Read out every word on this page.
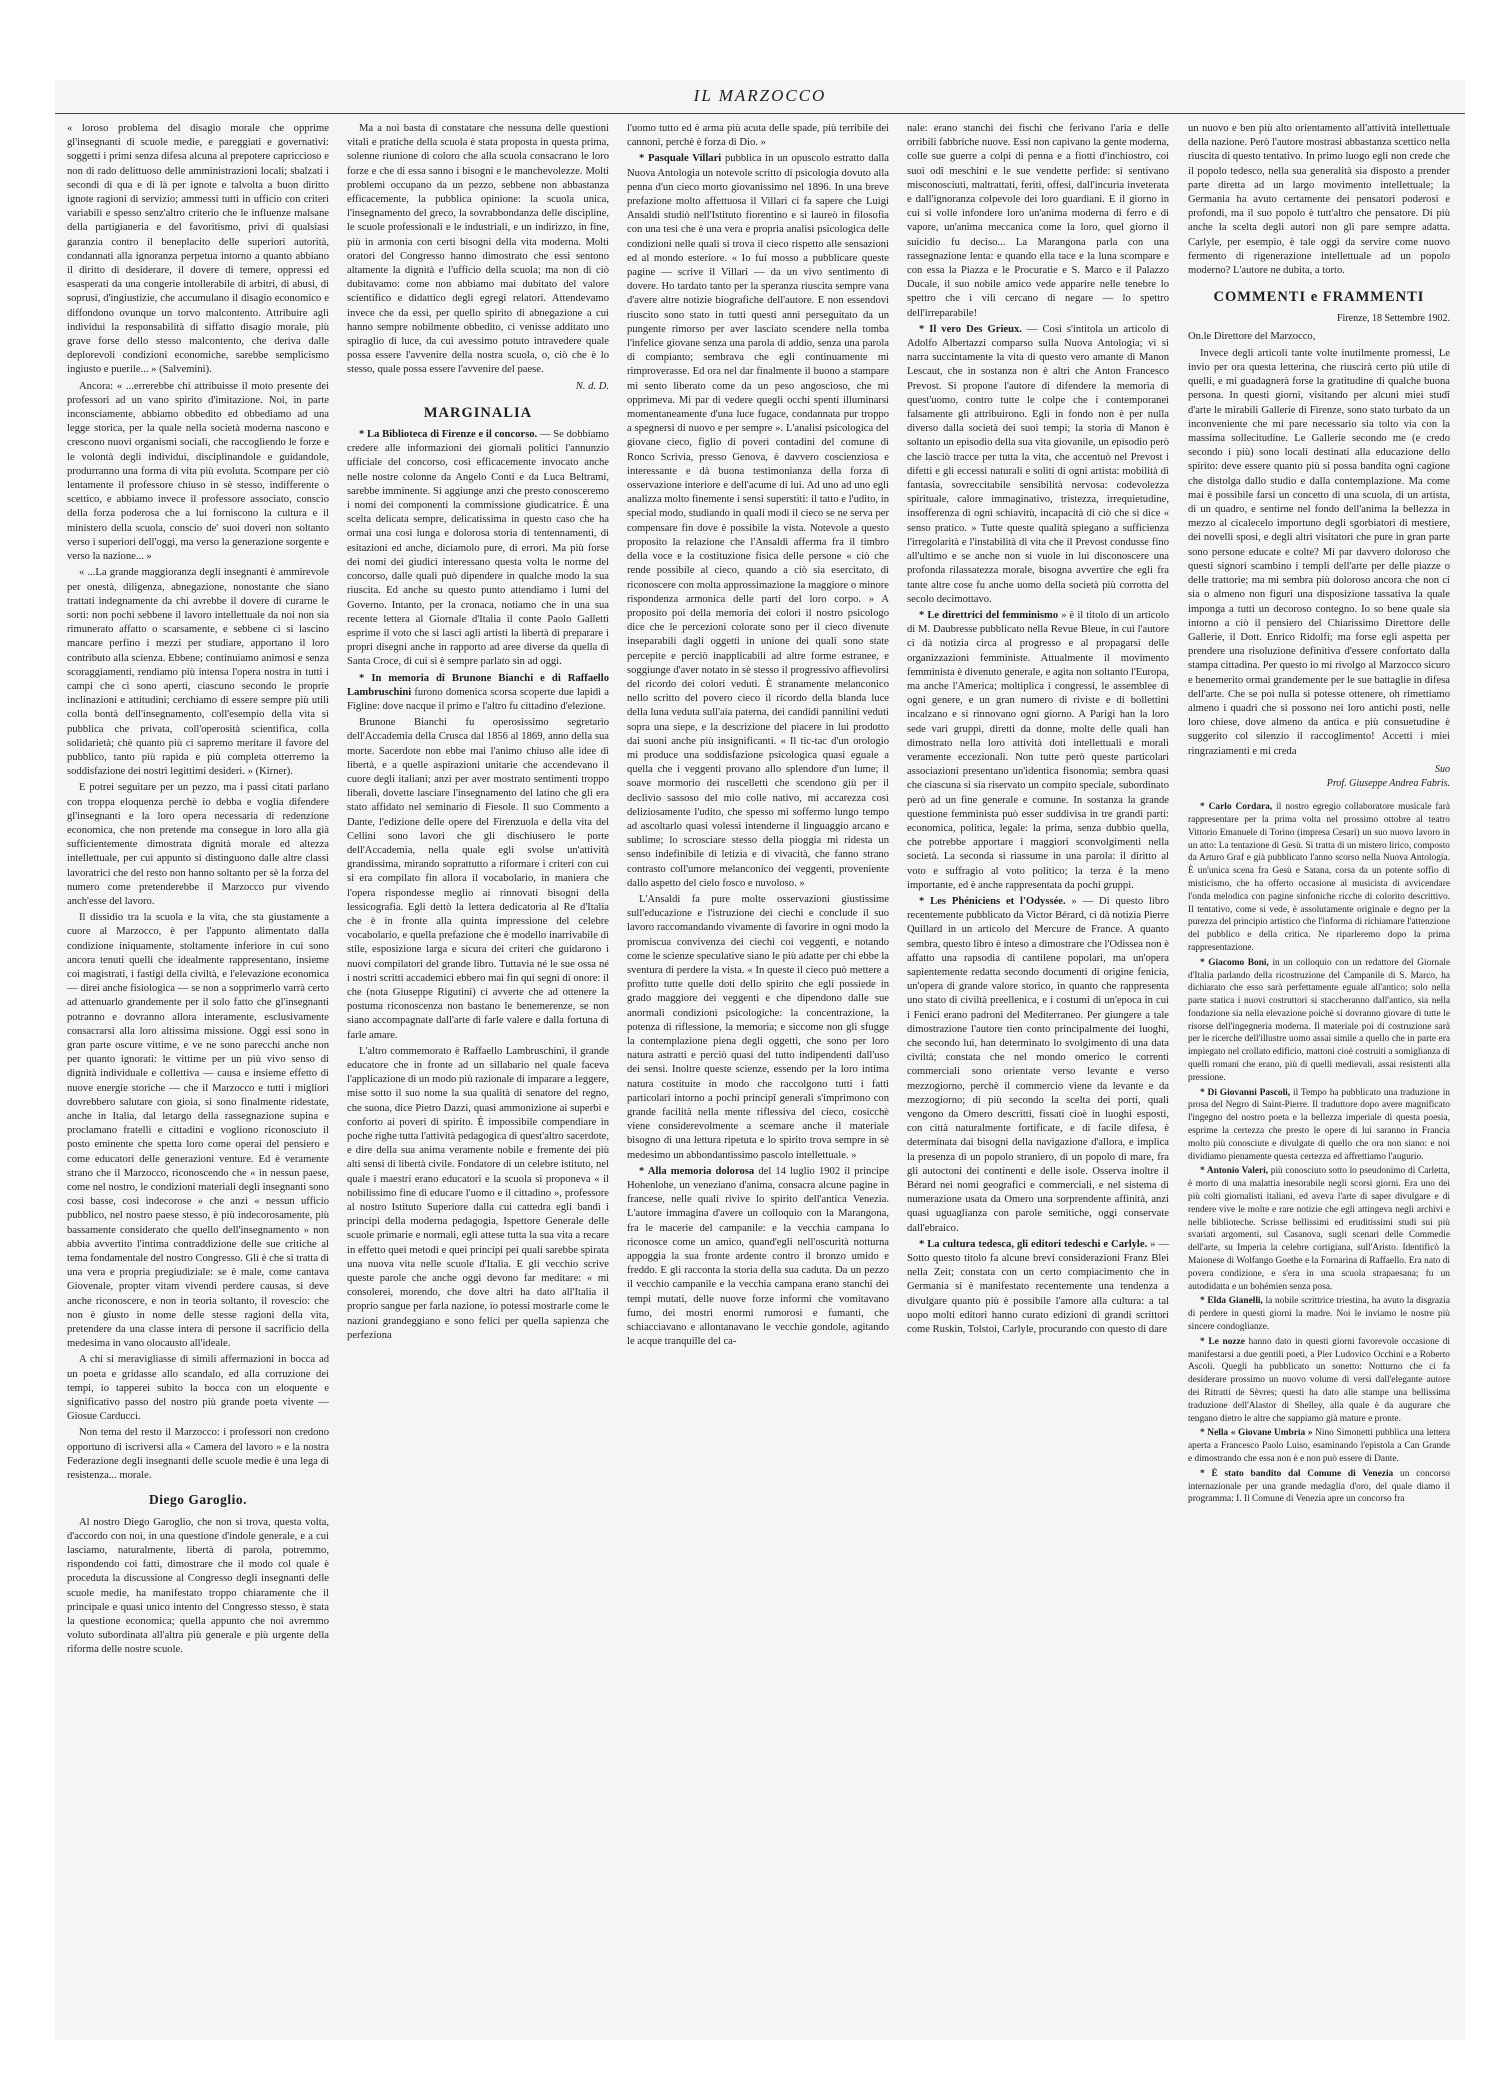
IL MARZOCCO

« loroso problema del disagio morale che opprime gl'insegnanti di scuole medie, e pareggiati e governativi: soggetti i primi senza difesa alcuna al prepotere capriccioso e non di rado delittuoso delle amministrazioni locali; sbalzati i secondi di qua e di là per ignote e talvolta a buon diritto ignote ragioni di servizio; ammessi tutti in ufficio con criteri variabili e spesso senz'altro criterio che le influenze malsane della partigianeria e del favoritismo, privi di qualsiasi garanzia contro il beneplacito delle superiori autorità, condannati alla ignoranza perpetua intorno a quanto abbiano il diritto di desiderare, il dovere di temere, oppressi ed esasperati da una congerie intollerabile di arbitri, di abusi, di soprusi, d'ingiustizie, che accumulano il disagio economico e diffondono ovunque un torvo malcontento. Attribuire agli individui la responsabilità di siffatto disagio morale, più grave forse dello stesso malcontento, che deriva dalle deplorevoli condizioni economiche, sarebbe semplicismo ingiusto e puerile... » (Salvemini).

Ancora: « ...errerebbe chi attribuisse il moto presente dei professori ad un vano spirito d'imitazione. Noi, in parte inconsciamente, abbiamo obbedito ed obbediamo ad una legge storica, per la quale nella società moderna nascono e crescono nuovi organismi sociali, che raccogliendo le forze e le volontà degli individui, disciplinandole e guidandole, produrranno una forma di vita più evoluta. Scompare per ciò lentamente il professore chiuso in sè stesso, indifferente o scettico, e abbiamo invece il professore associato, conscio della forza poderosa che a lui forniscono la cultura e il ministero della scuola, conscio de' suoi doveri non soltanto verso i superiori dell'oggi, ma verso la generazione sorgente e verso la nazione... »

« ...La grande maggioranza degli insegnanti è ammirevole per onestà, diligenza, abnegazione, nonostante che siano trattati indegnamente da chi avrebbe il dovere di curarne le sorti: non pochi sebbene il lavoro intellettuale da noi non sia rimunerato affatto o scarsamente, e sebbene ci si lascino mancare perfino i mezzi per studiare, apportano il loro contributo alla scienza. Ebbene; continuiamo animosi e senza scoraggiamenti, rendiamo più intensa l'opera nostra in tutti i campi che ci sono aperti, ciascuno secondo le proprie inclinazioni e attitudini; cerchiamo di essere sempre più utili colla bontà dell'insegnamento, coll'esempio della vita si pubblica che privata, coll'operosità scientifica, colla solidarietà; chè quanto più ci sapremo meritare il favore del pubblico, tanto più rapida e più completa otterremo la soddisfazione dei nostri legittimi desideri. » (Kirner).

E potrei seguitare per un pezzo, ma i passi citati parlano con troppa eloquenza perchè io debba e voglia difendere gl'insegnanti e la loro opera necessaria di redenzione economica, che non pretende ma consegue in loro alla già sufficientemente dimostrata dignità morale ed altezza intellettuale, per cui appunto si distinguono dalle altre classi lavoratrici che del resto non hanno soltanto per sè la forza del numero come pretenderebbe il Marzocco pur vivendo anch'esse del lavoro.

Il dissidio tra la scuola e la vita, che sta giustamente a cuore al Marzocco, è per l'appunto alimentato dalla condizione iniquamente, stoltamente inferiore in cui sono ancora tenuti quelli che idealmente rappresentano, insieme coi magistrati, i fastigi della civiltà, e l'elevazione economica — direi anche fisiologica — se non a sopprimerlo varrà certo ad attenuarlo grandemente per il solo fatto che gl'insegnanti potranno e dovranno allora interamente, esclusivamente consacrarsi alla loro altissima missione. Oggi essi sono in gran parte oscure vittime, e ve ne sono parecchi anche non per quanto ignorati: le vittime per un più vivo senso di dignità individuale e collettiva — causa e insieme effetto di nuove energie storiche — che il Marzocco e tutti i migliori dovrebbero salutare con gioia, si sono finalmente ridestate, anche in Italia, dal letargo della rassegnazione supina e proclamano fratelli e cittadini e vogliono riconosciuto il posto eminente che spetta loro come operai del pensiero e come educatori delle generazioni venture. Ed è veramente strano che il Marzocco, riconoscendo che « in nessun paese, come nel nostro, le condizioni materiali degli insegnanti sono così basse, così indecorose » che anzi « nessun ufficio pubblico, nel nostro paese stesso, è più indecorosamente, più bassamente considerato che quello dell'insegnamento » non abbia avvertito l'intima contraddizione delle sue critiche al tema fondamentale del nostro Congresso. Gli è che si tratta di una vera e propria pregiudiziale: se è male, come cantava Giovenale, propter vitam vivendi perdere causas, si deve anche riconoscere, e non in teoria soltanto, il rovescio: che non è giusto in nome delle stesse ragioni della vita, pretendere da una classe intera di persone il sacrificio della medesima in vano olocausto all'ideale.

A chi si meravigliasse di simili affermazioni in bocca ad un poeta e gridasse allo scandalo, ed alla corruzione dei tempi, io tapperei subito la bocca con un eloquente e significativo passo del nostro più grande poeta vivente — Giosue Carducci.

Non tema del resto il Marzocco: i professori non credono opportuno di iscriversi alla « Camera del lavoro » e la nostra Federazione degli insegnanti delle scuole medie è una lega di resistenza... morale.

Diego Garoglio.

Al nostro Diego Garoglio, che non si trova, questa volta, d'accordo con noi, in una questione d'indole generale, e a cui lasciamo, naturalmente, libertà di parola, potremmo, rispondendo coi fatti, dimostrare che il modo col quale è proceduta la discussione al Congresso degli insegnanti delle scuole medie, ha manifestato troppo chiaramente che il principale e quasi unico intento del Congresso stesso, è stata la questione economica; quella appunto che noi avremmo voluto subordinata all'altra più generale e più urgente della riforma delle nostre scuole.

Ma a noi basta di constatare che nessuna delle questioni vitali e pratiche della scuola è stata proposta in questa prima, solenne riunione di coloro che alla scuola consacrano le loro forze e che di essa sanno i bisogni e le manchevolezze. Molti problemi occupano da un pezzo, sebbene non abbastanza efficacemente, la pubblica opinione: la scuola unica, l'insegnamento del greco, la sovrabbondanza delle discipline, le scuole professionali e le industriali, e un indirizzo, in fine, più in armonia con certi bisogni della vita moderna. Molti oratori del Congresso hanno dimostrato che essi sentono altamente la dignità e l'ufficio della scuola; ma non di ciò dubitavamo: come non abbiamo mai dubitato del valore scientifico e didattico degli egregi relatori. Attendevamo invece che da essi, per quello spirito di abnegazione a cui hanno sempre nobilmente obbedito, ci venisse additato uno spiraglio di luce, da cui avessimo potuto intravedere quale possa essere l'avvenire della nostra scuola, o, ciò che è lo stesso, quale possa essere l'avvenire del paese.

N. d. D.

MARGINALIA

* La Biblioteca di Firenze e il concorso. — Se dobbiamo credere alle informazioni dei giornali politici l'annunzio ufficiale del concorso, così efficacemente invocato anche nelle nostre colonne da Angelo Conti e da Luca Beltrami, sarebbe imminente. Si aggiunge anzi che presto conosceremo i nomi dei componenti la commissione giudicatrice. È una scelta delicata sempre, delicatissima in questo caso che ha ormai una così lunga e dolorosa storia di tentennamenti, di esitazioni ed anche, diciamolo pure, di errori. Ma più forse dei nomi dei giudici interessano questa volta le norme del concorso, dalle quali può dipendere in qualche modo la sua riuscita. Ed anche su questo punto attendiamo i lumi del Governo. Intanto, per la cronaca, notiamo che in una sua recente lettera al Giornale d'Italia il conte Paolo Galletti esprime il voto che si lasci agli artisti la libertà di preparare i propri disegni anche in rapporto ad aree diverse da quella di Santa Croce, di cui si è sempre parlato sin ad oggi.

* In memoria di Brunone Bianchi e di Raffaello Lambruschini furono domenica scorsa scoperte due lapidi a Figline: dove nacque il primo e l'altro fu cittadino d'elezione.

Brunone Bianchi fu operosissimo segretario dell'Accademia della Crusca dal 1856 al 1869, anno della sua morte. Sacerdote non ebbe mai l'animo chiuso alle idee di libertà, e a quelle aspirazioni unitarie che accendevano il cuore degli italiani; anzi per aver mostrato sentimenti troppo liberali, dovette lasciare l'insegnamento del latino che gli era stato affidato nel seminario di Fiesole. Il suo Commento a Dante, l'edizione delle opere del Firenzuola e della vita del Cellini sono lavori che gli dischiusero le porte dell'Accademia, nella quale egli svolse un'attività grandissima, mirando soprattutto a riformare i criteri con cui si era compilato fin allora il vocabolario, in maniera che l'opera rispondesse meglio ai rinnovati bisogni della lessicografia. Egli dettò la lettera dedicatoria al Re d'Italia che è in fronte alla quinta impressione del celebre vocabolario, e quella prefazione che è modello inarrivabile di stile, esposizione larga e sicura dei criteri che guidarono i nuovi compilatori del grande libro. Tuttavia né le sue ossa né i nostri scritti accademici ebbero mai fin qui segni di onore: il che (nota Giuseppe Rigutini) ci avverte che ad ottenere la postuma riconoscenza non bastano le benemerenze, se non siano accompagnate dall'arte di farle valere e dalla fortuna di farle amare.

L'altro commemorato è Raffaello Lambruschini, il grande educatore che in fronte ad un sillabario nel quale faceva l'applicazione di un modo più razionale di imparare a leggere, mise sotto il suo nome la sua qualità di senatore del regno, che suona, dice Pietro Dazzi, quasi ammonizione ai superbi e conforto ai poveri di spirito. È impossibile compendiare in poche righe tutta l'attività pedagogica di quest'altro sacerdote, e dire della sua anima veramente nobile e fremente dei più alti sensi di libertà civile. Fondatore di un celebre istituto, nel quale i maestri erano educatori e la scuola si proponeva « il nobilissimo fine di educare l'uomo e il cittadino », professore al nostro Istituto Superiore dalla cui cattedra egli bandì i principi della moderna pedagogia, Ispettore Generale delle scuole primarie e normali, egli attese tutta la sua vita a recare in effetto quei metodi e quei principi pei quali sarebbe spirata una nuova vita nelle scuole d'Italia. E gli vecchio scrive queste parole che anche oggi devono far meditare: « mi consolerei, morendo, che dove altri ha dato all'Italia il proprio sangue per farla nazione, io potessi mostrarle come le nazioni grandeggiano e sono felici per quella sapienza che perfeziona

l'uomo tutto ed è arma più acuta delle spade, più terribile dei cannoni, perchè è forza di Dio. »

* Pasquale Villari pubblica in un opuscolo estratto dalla Nuova Antologia un notevole scritto di psicologia dovuto alla penna d'un cieco morto giovanissimo nel 1896. In una breve prefazione molto affettuosa il Villari ci fa sapere che Luigi Ansaldi studiò nell'Istituto fiorentino e si laureò in filosofia con una tesi che è una vera e propria analisi psicologica delle condizioni nelle quali si trova il cieco rispetto alle sensazioni ed al mondo esteriore. « Io fui mosso a pubblicare queste pagine — scrive il Villari — da un vivo sentimento di dovere. Ho tardato tanto per la speranza riuscita sempre vana d'avere altre notizie biografiche dell'autore. E non essendovi riuscito sono stato in tutti questi anni perseguitato da un pungente rimorso per aver lasciato scendere nella tomba l'infelice giovane senza una parola di addio, senza una parola di compianto; sembrava che egli continuamente mi rimproverasse. Ed ora nel dar finalmente il buono a stampare mi sento liberato come da un peso angoscioso, che mi opprimeva. Mi par di vedere quegli occhi spenti illuminarsi momentaneamente d'una luce fugace, condannata pur troppo a spegnersi di nuovo e per sempre ». L'analisi psicologica del giovane cieco, figlio di poveri contadini del comune di Ronco Scrivia, presso Genova, è davvero coscienziosa e interessante e dà buona testimonianza della forza di osservazione interiore e dell'acume di lui. Ad uno ad uno egli analizza molto finemente i sensi superstiti: il tatto e l'udito, in special modo, studiando in quali modi il cieco se ne serva per compensare fin dove è possibile la vista. Notevole a questo proposito la relazione che l'Ansaldi afferma fra il timbro della voce e la costituzione fisica delle persone « ciò che rende possibile al cieco, quando a ciò sia esercitato, di riconoscere con molta approssimazione la maggiore o minore rispondenza armonica delle parti del loro corpo. » A proposito poi della memoria dei colori il nostro psicologo dice che le percezioni colorate sono per il cieco divenute inseparabili dagli oggetti in unione dei quali sono state percepite e perciò inapplicabili ad altre forme estranee, e soggiunge d'aver notato in sè stesso il progressivo affievolirsi del ricordo dei colori veduti. È stranamente melanconico nello scritto del povero cieco il ricordo della blanda luce della luna veduta sull'aia paterna, dei candidi pannilini veduti sopra una siepe, e la descrizione del piacere in lui prodotto dai suoni anche più insignificanti. « Il tic-tac d'un orologio mi produce una soddisfazione psicologica quasi eguale a quella che i veggenti provano allo splendore d'un lume; il soave mormorio dei ruscelletti che scendono giù per il declivio sassoso del mio colle nativo, mi accarezza così deliziosamente l'udito, che spesso mi soffermo lungo tempo ad ascoltarlo quasi volessi intenderne il linguaggio arcano e sublime; lo scrosciare stesso della pioggia mi ridesta un senso indefinibile di letizia e di vivacità, che fanno strano contrasto coll'umore melanconico dei veggenti, proveniente dallo aspetto del cielo fosco e nuvoloso. »

L'Ansaldi fa pure molte osservazioni giustissime sull'educazione e l'istruzione dei ciechi e conclude il suo lavoro raccomandando vivamente di favorire in ogni modo la promiscua convivenza dei ciechi coi veggenti, e notando come le scienze speculative siano le più adatte per chi ebbe la sventura di perdere la vista. « In queste il cieco può mettere a profitto tutte quelle doti dello spirito che egli possiede in grado maggiore dei veggenti e che dipendono dalle sue anormali condizioni psicologiche: la concentrazione, la potenza di riflessione, la memoria; e siccome non gli sfugge la contemplazione piena degli oggetti, che sono per loro natura astratti e perciò quasi del tutto indipendenti dall'uso dei sensi. Inoltre queste scienze, essendo per la loro intima natura costituite in modo che raccolgono tutti i fatti particolari intorno a pochi principî generali s'imprimono con grande facilità nella mente riflessiva del cieco, cosicchè viene considerevolmente a scemare anche il materiale bisogno di una lettura ripetuta e lo spirito trova sempre in sè medesimo un abbondantissimo pascolo intellettuale. »

* Alla memoria dolorosa del 14 luglio 1902 il principe Hohenlohe, un veneziano d'anima, consacra alcune pagine in francese, nelle quali rivive lo spirito dell'antica Venezia. L'autore immagina d'avere un colloquio con la Marangona, fra le macerie del campanile: e la vecchia campana lo riconosce come un amico, quand'egli nell'oscurità notturna appoggia la sua fronte ardente contro il bronzo umido e freddo. E gli racconta la storia della sua caduta. Da un pezzo il vecchio campanile e la vecchia campana erano stanchi dei tempi mutati, delle nuove forze informi che vomitavano fumo, dei mostri enormi rumorosi e fumanti, che schiacciavano e allontanavano le vecchie gondole, agitando le acque tranquille del ca-

nale: erano stanchi dei fischi che ferivano l'aria e delle orribili fabbriche nuove. Essi non capivano la gente moderna, colle sue guerre a colpi di penna e a fiotti d'inchiostro, coi suoi odî meschini e le sue vendette perfide: si sentivano misconosciuti, maltrattati, feriti, offesi, dall'incuria inveterata e dall'ignoranza colpevole dei loro guardiani. E il giorno in cui si volle infondere loro un'anima moderna di ferro e di vapore, un'anima meccanica come la loro, quel giorno il suicidio fu deciso... La Marangona parla con una rassegnazione lenta: e quando ella tace e la luna scompare e con essa la Piazza e le Procuratie e S. Marco e il Palazzo Ducale, il suo nobile amico vede apparire nelle tenebre lo spettro che i vili cercano di negare — lo spettro dell'irreparabile!

* Il vero Des Grieux. — Così s'intitola un articolo di Adolfo Albertazzi comparso sulla Nuova Antologia; vi si narra succintamente la vita di questo vero amante di Manon Lescaut, che in sostanza non è altri che Anton Francesco Prevost. Si propone l'autore di difendere la memoria di quest'uomo, contro tutte le colpe che i contemporanei falsamente gli attribuirono. Egli in fondo non è per nulla diverso dalla società dei suoi tempi; la storia di Manon è soltanto un episodio della sua vita giovanile, un episodio però che lasciò tracce per tutta la vita, che accentuò nel Prevost i difetti e gli eccessi naturali e soliti di ogni artista: mobilità di fantasia, sovreccitabile sensibilità nervosa: codevolezza spirituale, calore immaginativo, tristezza, irrequietudine, insofferenza di ogni schiavitù, incapacità di ciò che si dice « senso pratico. » Tutte queste qualità spiegano a sufficienza l'irregolarità e l'instabilità di vita che il Prevost condusse fino all'ultimo e se anche non si vuole in lui disconoscere una profonda rilassatezza morale, bisogna avvertire che egli fra tante altre cose fu anche uomo della società più corrotta del secolo decimottavo.

* Le direttrici del femminismo » è il titolo di un articolo di M. Daubresse pubblicato nella Revue Bleue, in cui l'autore ci dà notizia circa al progresso e al propagarsi delle organizzazioni femministe. Attualmente il movimento femminista è divenuto generale, e agita non soltanto l'Europa, ma anche l'America; moltiplica i congressi, le assemblee di ogni genere, e un gran numero di riviste e di bollettini incalzano e si rinnovano ogni giorno. A Parigi han la loro sede vari gruppi, diretti da donne, molte delle quali han dimostrato nella loro attività doti intellettuali e morali veramente eccezionali. Non tutte però queste particolari associazioni presentano un'identica fisonomia; sembra quasi che ciascuna si sia riservato un compito speciale, subordinato però ad un fine generale e comune. In sostanza la grande questione femminista può esser suddivisa in tre grandi parti: economica, politica, legale: la prima, senza dubbio quella, che potrebbe apportare i maggiori sconvolgimenti nella società. La seconda si riassume in una parola: il diritto al voto e suffragio al voto politico; la terza è la meno importante, ed è anche rappresentata da pochi gruppi.

* Les Phéniciens et l'Odyssée. » — Di questo libro recentemente pubblicato da Victor Bérard, ci dà notizia Pierre Quillard in un articolo del Mercure de France. A quanto sembra, questo libro è inteso a dimostrare che l'Odissea non è affatto una rapsodia di cantilene popolari, ma un'opera sapientemente redatta secondo documenti di origine fenicia, un'opera di grande valore storico, in quanto che rappresenta uno stato di civiltà preellenica, e i costumi di un'epoca in cui i Fenici erano padroni del Mediterraneo. Per giungere a tale dimostrazione l'autore tien conto principalmente dei luoghi, che secondo lui, han determinato lo svolgimento di una data civiltà; constata che nel mondo omerico le correnti commerciali sono orientate verso levante e verso mezzogiorno, perchè il commercio viene da levante e da mezzogiorno; di più secondo la scelta dei porti, quali vengono da Omero descritti, fissati cioè in luoghi esposti, con città naturalmente fortificate, e di facile difesa, è determinata dai bisogni della navigazione d'allora, e implica la presenza di un popolo straniero, di un popolo di mare, fra gli autoctoni dei continenti e delle isole. Osserva inoltre il Bérard nei nomi geografici e commerciali, e nel sistema di numerazione usata da Omero una sorprendente affinità, anzi quasi uguaglianza con parole semitiche, oggi conservate dall'ebraico.

* La cultura tedesca, gli editori tedeschi e Carlyle. » — Sotto questo titolo fa alcune brevi considerazioni Franz Blei nella Zeit; constata con un certo compiacimento che in Germania si è manifestato recentemente una tendenza a divulgare quanto più è possibile l'amore alla cultura: a tal uopo molti editori hanno curato edizioni di grandi scrittori come Ruskin, Tolstoi, Carlyle, procurando con questo di dare

un nuovo e ben più alto orientamento all'attività intellettuale della nazione. Però l'autore mostrasi abbastanza scettico nella riuscita di questo tentativo. In primo luogo egli non crede che il popolo tedesco, nella sua generalità sia disposto a prender parte diretta ad un largo movimento intellettuale; la Germania ha avuto certamente dei pensatori poderosi e profondi, ma il suo popolo è tutt'altro che pensatore. Di più anche la scelta degli autori non gli pare sempre adatta. Carlyle, per esempio, è tale oggi da servire come nuovo fermento di rigenerazione intellettuale ad un popolo moderno? L'autore ne dubita, a torto.

COMMENTI e FRAMMENTI
Firenze, 18 Settembre 1902.

On.le Direttore del Marzocco,

Invece degli articoli tante volte inutilmente promessi, Le invio per ora questa letterina, che riuscirà certo più utile di quelli, e mi guadagnerà forse la gratitudine di qualche buona persona. In questi giorni, visitando per alcuni miei studî d'arte le mirabili Gallerie di Firenze, sono stato turbato da un inconveniente che mi pare necessario sia tolto via con la massima sollecitudine. Le Gallerie secondo me (e credo secondo i più) sono locali destinati alla educazione dello spirito: deve essere quanto più si possa bandita ogni cagione che distolga dallo studio e dalla contemplazione. Ma come mai è possibile farsi un concetto di una scuola, di un artista, di un quadro, e sentirne nel fondo dell'anima la bellezza in mezzo al cicalecelo importuno degli sgorbiatori di mestiere, dei novelli sposi, e degli altri visitatori che pure in gran parte sono persone educate e colte? Mi par davvero doloroso che questi signori scambino i templi dell'arte per delle piazze o delle trattorie; ma mi sembra più doloroso ancora che non ci sia o almeno non figuri una disposizione tassativa la quale imponga a tutti un decoroso contegno. Io so bene quale sia intorno a ciò il pensiero del Chiarissimo Direttore delle Gallerie, il Dott. Enrico Ridolfi; ma forse egli aspetta per prendere una risoluzione definitiva d'essere confortato dalla stampa cittadina. Per questo io mi rivolgo al Marzocco sicuro e benemerito ormai grandemente per le sue battaglie in difesa dell'arte. Che se poi nulla si potesse ottenere, oh rimettiamo almeno i quadri che si possono nei loro antichi posti, nelle loro chiese, dove almeno da antica e più consuetudine è suggerito col silenzio il raccoglimento! Accetti i miei ringraziamenti e mi creda

Suo
Prof. Giuseppe Andrea Fabris.

* Carlo Cordara, il nostro egregio collaboratore musicale farà rappresentare per la prima volta nel prossimo ottobre al teatro Vittorio Emanuele di Torino (impresa Cesari) un suo nuovo lavoro in un atto: La tentazione di Gesù. Si tratta di un mistero lirico, composto da Arturo Graf e già pubblicato l'anno scorso nella Nuova Antologia. È un'unica scena fra Gesù e Satana, corsa da un potente soffio di misticismo, che ha offerto occasione al musicista di avvicendare l'onda melodica con pagine sinfoniche ricche di colorito descrittivo. Il tentativo, come si vede, è assolutamente originale e degno per la purezza del principio artistico che l'informa di richiamare l'attenzione del pubblico e della critica. Ne riparleremo dopo la prima rappresentazione.

* Giacomo Boni, in un colloquio con un redattore del Giornale d'Italia parlando della ricostruzione del Campanile di S. Marco, ha dichiarato che esso sarà perfettamente eguale all'antico; solo nella parte statica i nuovi costruttori si staccheranno dall'antico, sia nella fondazione sia nella elevazione poichè si dovranno giovare di tutte le risorse dell'ingegneria moderna. Il materiale poi di costruzione sarà per le ricerche dell'illustre uomo assai simile a quello che in parte era impiegato nel crollato edificio, mattoni cioè costruiti a somiglianza di quelli romani che erano, più di quelli medievali, assai resistenti alla pressione.

* Di Giovanni Pascoli, il Tempo ha pubblicato una traduzione in prosa del Negro di Saint-Pierre. Il traduttore dopo avere magnificato l'ingegno del nostro poeta e la bellezza imperiale di questa poesia, esprime la certezza che presto le opere di lui saranno in Francia molto più conosciute e divulgate di quello che ora non siano: e noi dividiamo pienamente questa certezza ed affrettiamo l'augurio.

* Antonio Valeri, più conosciuto sotto lo pseudonimo di Carletta, è morto di una malattia inesorabile negli scorsi giorni. Era uno dei più colti giornalisti italiani, ed aveva l'arte di saper divulgare e di rendere vive le molte e rare notizie che egli attingeva negli archivi e nelle biblioteche. Scrisse bellissimi ed eruditissimi studi sui più svariati argomenti, sul Casanova, sugli scenari delle Commedie dell'arte, su Imperia la celebre cortigiana, sull'Aristo. Identificò la Maionese di Wolfango Goethe e la Fornarina di Raffaello. Era nato di povera condizione, e s'era in una scuola strapaesana; fu un autodidatta e un bohémien senza posa.

* Elda Gianelli, la nobile scrittrice triestina, ha avuto la disgrazia di perdere in questi giorni la madre. Noi le inviamo le nostre più sincere condoglianze.

* Le nozze hanno dato in questi giorni favorevole occasione di manifestarsi a due gentili poeti, a Pier Ludovico Occhini e a Roberto Ascoli. Quegli ha pubblicato un sonetto: Notturno che ci fa desiderare prossimo un nuovo volume di versi dall'elegante autore dei Ritratti de Sèvres; questi ha dato alle stampe una bellissima traduzione dell'Alastor di Shelley, alla quale è da augurare che tengano dietro le altre che sappiamo già mature e pronte.

* Nella « Giovane Umbria » Nino Simonetti pubblica una lettera aperta a Francesco Paolo Luiso, esaminando l'epistola a Can Grande e dimostrando che essa non è e non può essere di Dante.

* È stato bandito dal Comune di Venezia un concorso internazionale per una grande medaglia d'oro, del quale diamo il programma: I. Il Comune di Venezia apre un concorso fra
